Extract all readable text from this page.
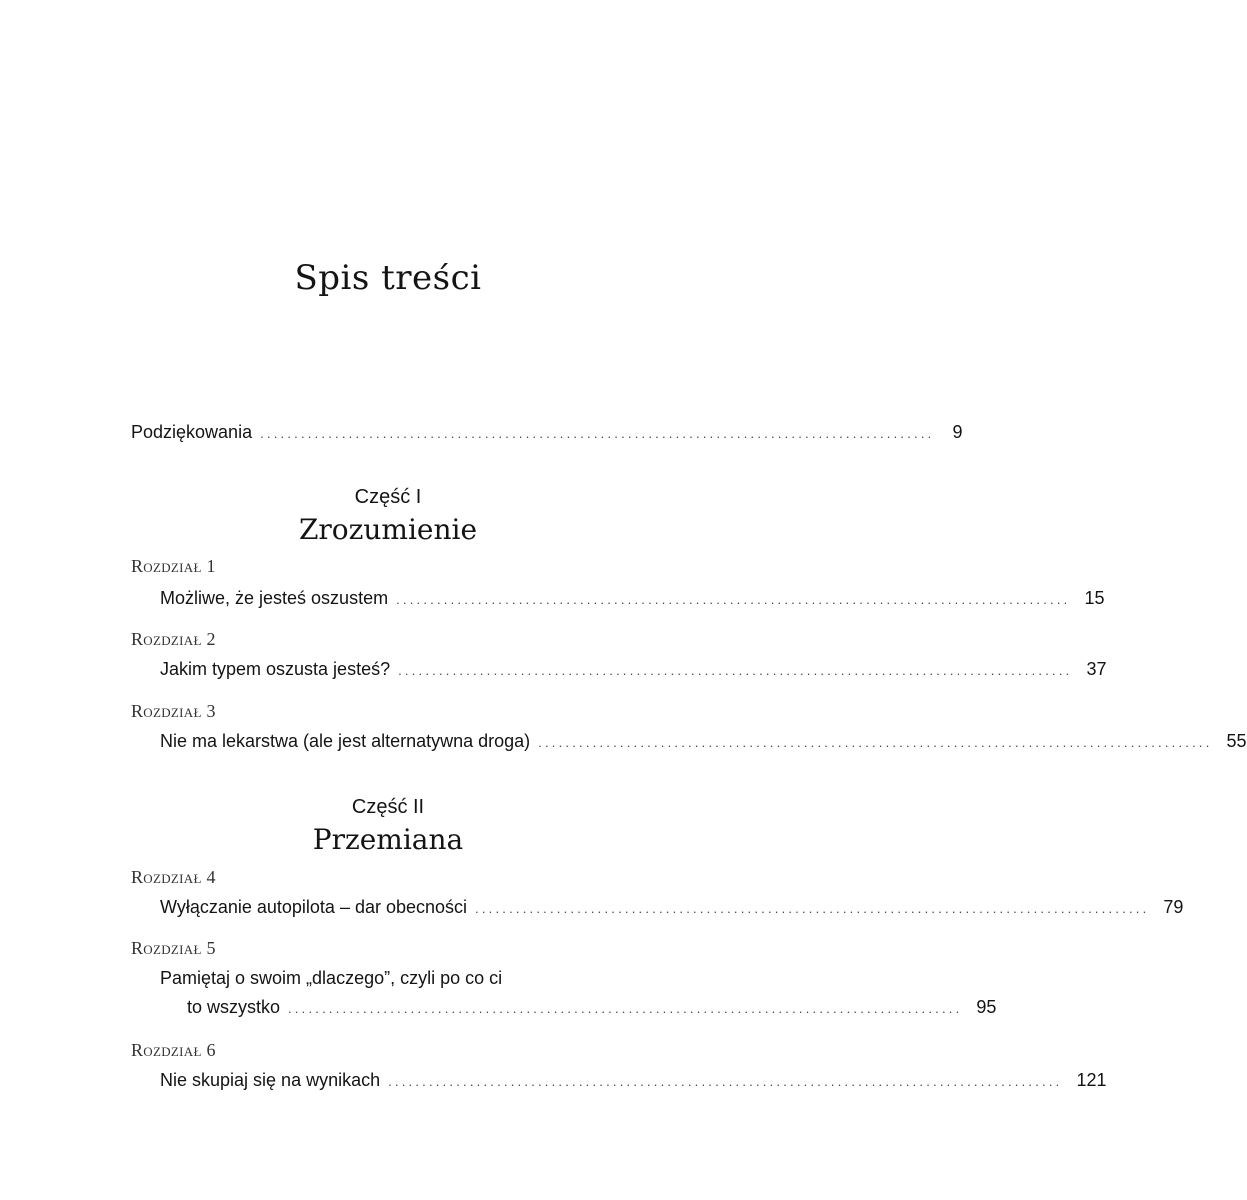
Spis treści
Podziękowania ................................................................................................... 9
Część I
Zrozumienie
Rozdział 1
Możliwe, że jesteś oszustem ................................................................................................... 15
Rozdział 2
Jakim typem oszusta jesteś? ................................................................................................... 37
Rozdział 3
Nie ma lekarstwa (ale jest alternatywna droga) ................................................................................................... 55
Część II
Przemiana
Rozdział 4
Wyłączanie autopilota – dar obecności ................................................................................................... 79
Rozdział 5
Pamiętaj o swoim „dlaczego”, czyli po co ci
to wszystko ................................................................................................... 95
Rozdział 6
Nie skupiaj się na wynikach ................................................................................................... 121
